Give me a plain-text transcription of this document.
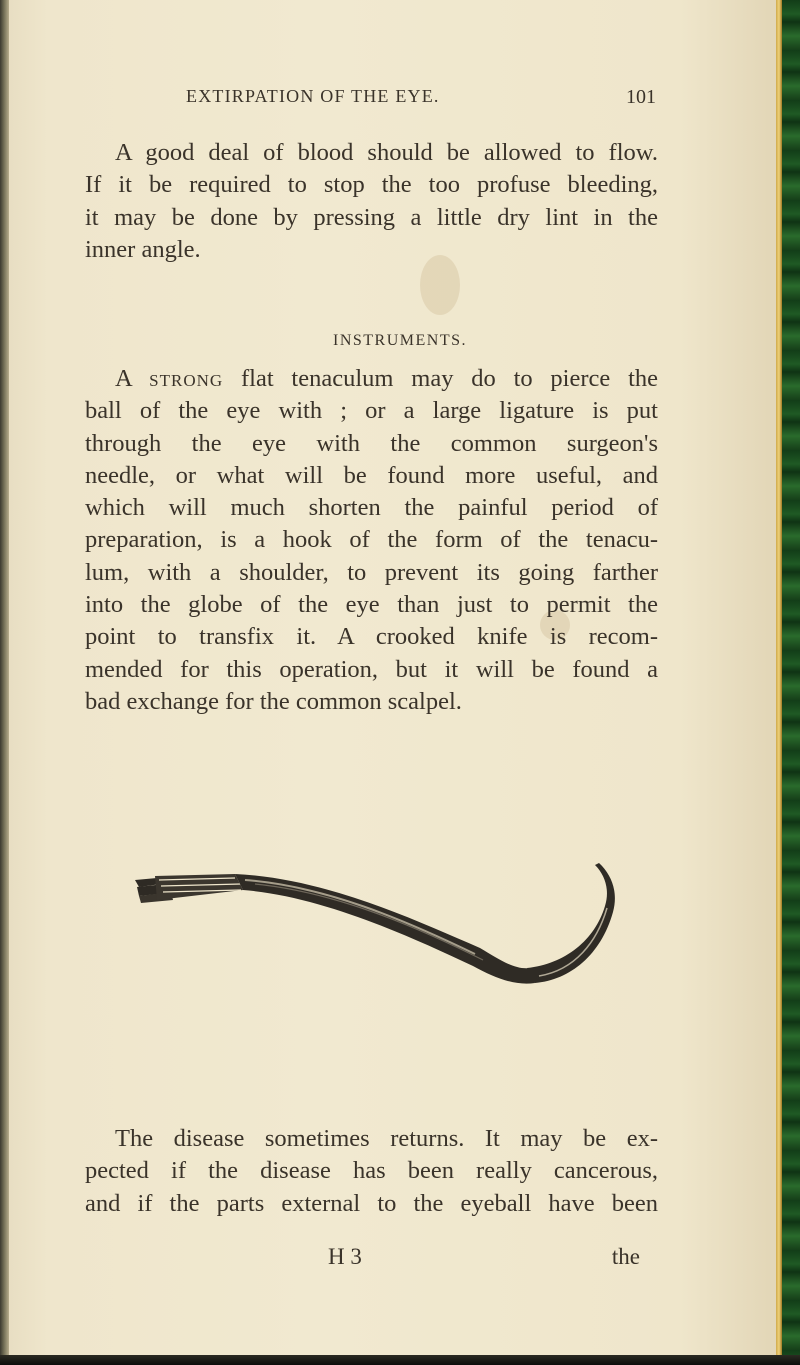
EXTIRPATION OF THE EYE.	101
A good deal of blood should be allowed to flow.
If it be required to stop the too profuse bleeding,
it may be done by pressing a little dry lint in the
inner angle.
INSTRUMENTS.
A strong flat tenaculum may do to pierce the
ball of the eye with ; or a large ligature is put
through the eye with the common surgeon's
needle, or what will be found more useful, and
which will much shorten the painful period of
preparation, is a hook of the form of the tenacu-
lum, with a shoulder, to prevent its going farther
into the globe of the eye than just to permit the
point to transfix it. A crooked knife is recom-
mended for this operation, but it will be found a
bad exchange for the common scalpel.
The disease sometimes returns. It may be ex-
pected if the disease has been really cancerous,
and if the parts external to the eyeball have been
H 3	the
